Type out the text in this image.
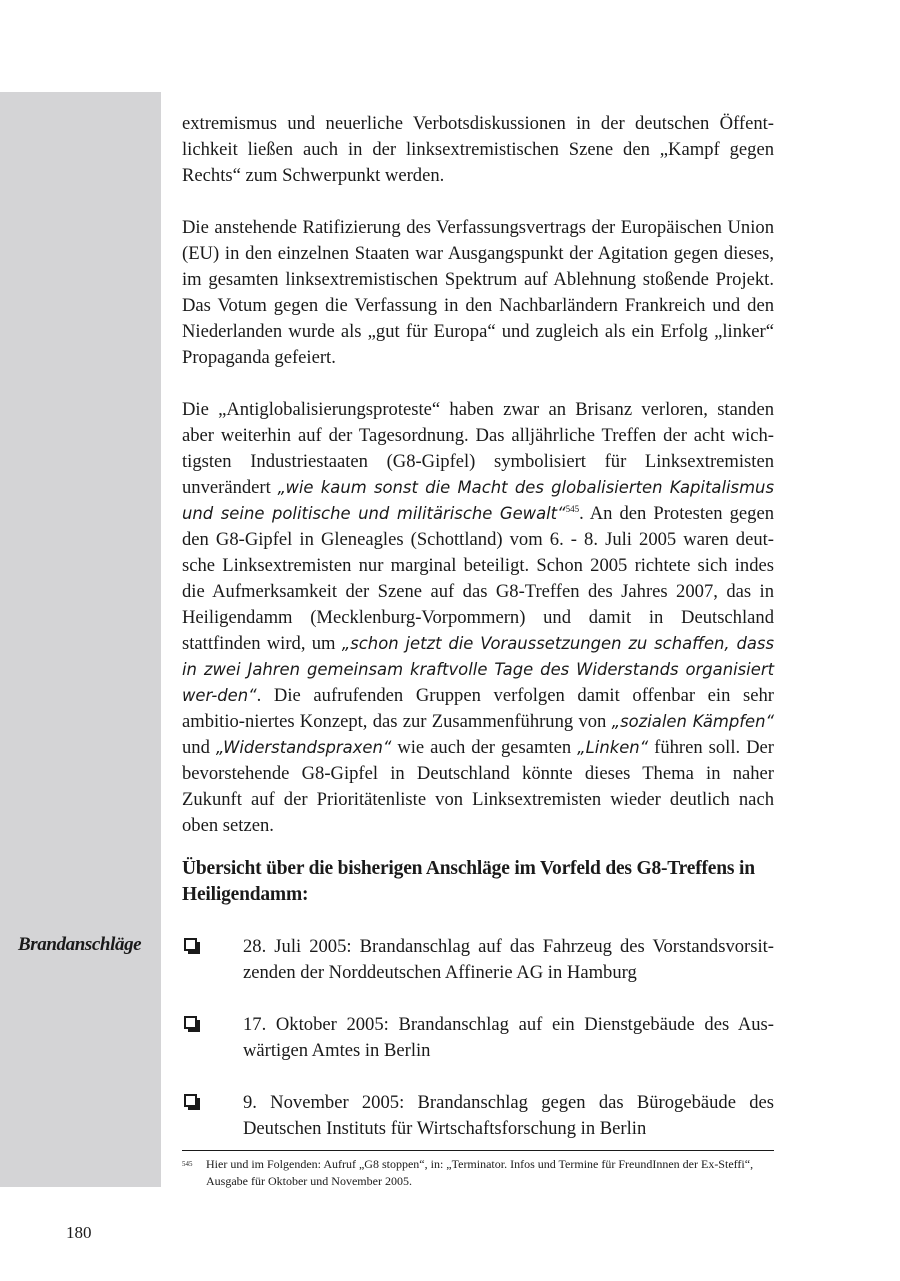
extremismus und neuerliche Verbotsdiskussionen in der deutschen Öffent-lichkeit ließen auch in der linksextremistischen Szene den „Kampf gegen Rechts“ zum Schwerpunkt werden.

Die anstehende Ratifizierung des Verfassungsvertrags der Europäischen Union (EU) in den einzelnen Staaten war Ausgangspunkt der Agitation gegen dieses, im gesamten linksextremistischen Spektrum auf Ablehnung stoßende Projekt. Das Votum gegen die Verfassung in den Nachbarländern Frankreich und den Niederlanden wurde als „gut für Europa“ und zugleich als ein Erfolg „linker“ Propaganda gefeiert.

Die „Antiglobalisierungsproteste“ haben zwar an Brisanz verloren, standen aber weiterhin auf der Tagesordnung. Das alljährliche Treffen der acht wich-tigsten Industriestaaten (G8-Gipfel) symbolisiert für Linksextremisten unverändert „wie kaum sonst die Macht des globalisierten Kapitalismus und seine politische und militärische Gewalt“$^{545}$. An den Protesten gegen den G8-Gipfel in Gleneagles (Schottland) vom 6. - 8. Juli 2005 waren deut-sche Linksextremisten nur marginal beteiligt. Schon 2005 richtete sich indes die Aufmerksamkeit der Szene auf das G8-Treffen des Jahres 2007, das in Heiligendamm (Mecklenburg-Vorpommern) und damit in Deutschland stattfinden wird, um „schon jetzt die Voraussetzungen zu schaffen, dass in zwei Jahren gemeinsam kraftvolle Tage des Widerstands organisiert wer-den“. Die aufrufenden Gruppen verfolgen damit offenbar ein sehr ambitio-niertes Konzept, das zur Zusammenführung von „sozialen Kämpfen“ und „Widerstandspraxen“ wie auch der gesamten „Linken“ führen soll. Der bevorstehende G8-Gipfel in Deutschland könnte dieses Thema in naher Zukunft auf der Prioritätenliste von Linksextremisten wieder deutlich nach oben setzen.

Übersicht über die bisherigen Anschläge im Vorfeld des G8-Treffens in Heiligendamm:
Brandanschläge	28. Juli 2005: Brandanschlag auf das Fahrzeug des Vorstandsvorsit-zenden der Norddeutschen Affinerie AG in Hamburg
17. Oktober 2005: Brandanschlag auf ein Dienstgebäude des Aus-wärtigen Amtes in Berlin
9. November 2005: Brandanschlag gegen das Bürogebäude des Deutschen Instituts für Wirtschaftsforschung in Berlin
545 Hier und im Folgenden: Aufruf „G8 stoppen“, in: „Terminator. Infos und Termine für FreundInnen der Ex-Steffi“, Ausgabe für Oktober und November 2005.
180
